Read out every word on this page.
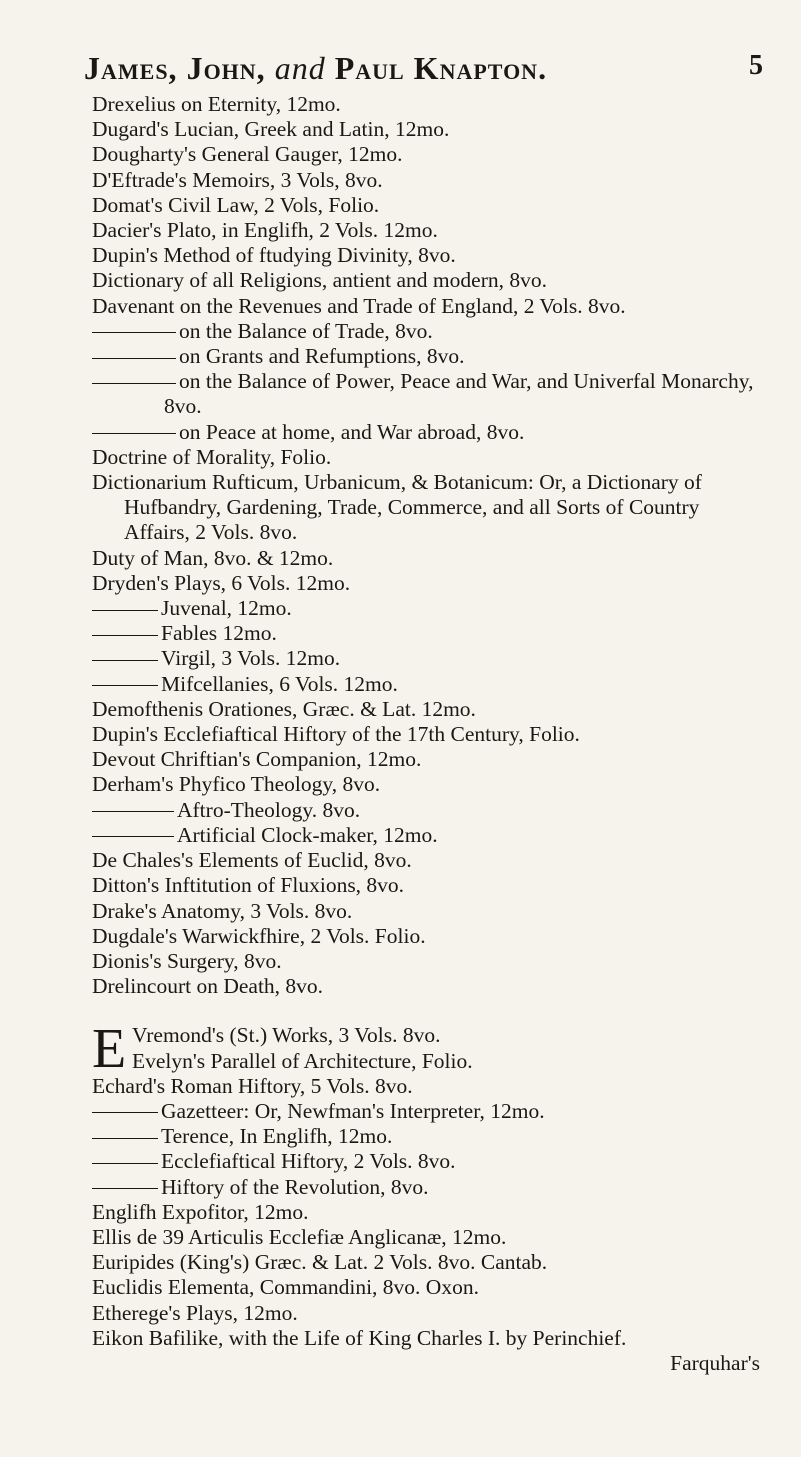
James, John, and Paul Knapton.	5
Drexelius on Eternity, 12mo.
Dugard's Lucian, Greek and Latin, 12mo.
Dougharty's General Gauger, 12mo.
D'Eftrade's Memoirs, 3 Vols, 8vo.
Domat's Civil Law, 2 Vols, Folio.
Dacier's Plato, in Englifh, 2 Vols. 12mo.
Dupin's Method of ftudying Divinity, 8vo.
Dictionary of all Religions, antient and modern, 8vo.
Davenant on the Revenues and Trade of England, 2 Vols. 8vo.
on the Balance of Trade, 8vo.
on Grants and Refumptions, 8vo.
on the Balance of Power, Peace and War, and Univerfal Monarchy, 8vo.
on Peace at home, and War abroad, 8vo.
Doctrine of Morality, Folio.
Dictionarium Rufticum, Urbanicum, & Botanicum: Or, a Dictionary of Hufbandry, Gardening, Trade, Commerce, and all Sorts of Country Affairs, 2 Vols. 8vo.
Duty of Man, 8vo. & 12mo.
Dryden's Plays, 6 Vols. 12mo.
Juvenal, 12mo.
Fables 12mo.
Virgil, 3 Vols. 12mo.
Mifcellanies, 6 Vols. 12mo.
Demofthenis Orationes, Græc. & Lat. 12mo.
Dupin's Ecclefiaftical Hiftory of the 17th Century, Folio.
Devout Chriftian's Companion, 12mo.
Derham's Phyfico Theology, 8vo.
Aftro-Theology. 8vo.
Artificial Clock-maker, 12mo.
De Chales's Elements of Euclid, 8vo.
Ditton's Inftitution of Fluxions, 8vo.
Drake's Anatomy, 3 Vols. 8vo.
Dugdale's Warwickfhire, 2 Vols. Folio.
Dionis's Surgery, 8vo.
Drelincourt on Death, 8vo.
E Vremond's (St.) Works, 3 Vols. 8vo.
Evelyn's Parallel of Architecture, Folio.
Echard's Roman Hiftory, 5 Vols. 8vo.
Gazetteer: Or, Newfman's Interpreter, 12mo.
Terence, In Englifh, 12mo.
Ecclefiaftical Hiftory, 2 Vols. 8vo.
Hiftory of the Revolution, 8vo.
Englifh Expofitor, 12mo.
Ellis de 39 Articulis Ecclefiæ Anglicanæ, 12mo.
Euripides (King's) Græc. & Lat. 2 Vols. 8vo. Cantab.
Euclidis Elementa, Commandini, 8vo. Oxon.
Etherege's Plays, 12mo.
Eikon Bafilike, with the Life of King Charles I. by Perinchief.
Farquhar's
